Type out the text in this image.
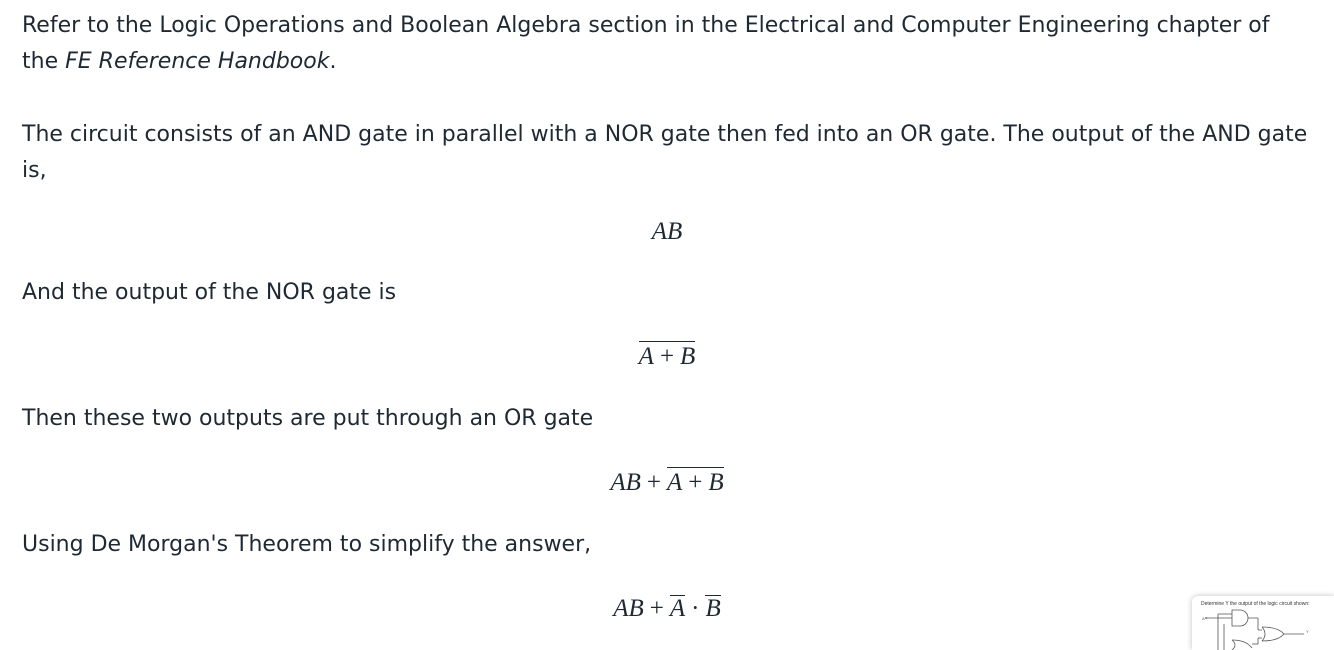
Refer to the Logic Operations and Boolean Algebra section in the Electrical and Computer Engineering chapter of the FE Reference Handbook.

The circuit consists of an AND gate in parallel with a NOR gate then fed into an OR gate. The output of the AND gate is,

AB

And the output of the NOR gate is

A + B

Then these two outputs are put through an OR gate

AB + A + B

Using De Morgan's Theorem to simplify the answer,

AB + A · B	Determine Y the output of the logic circuit shown:
A
Y
